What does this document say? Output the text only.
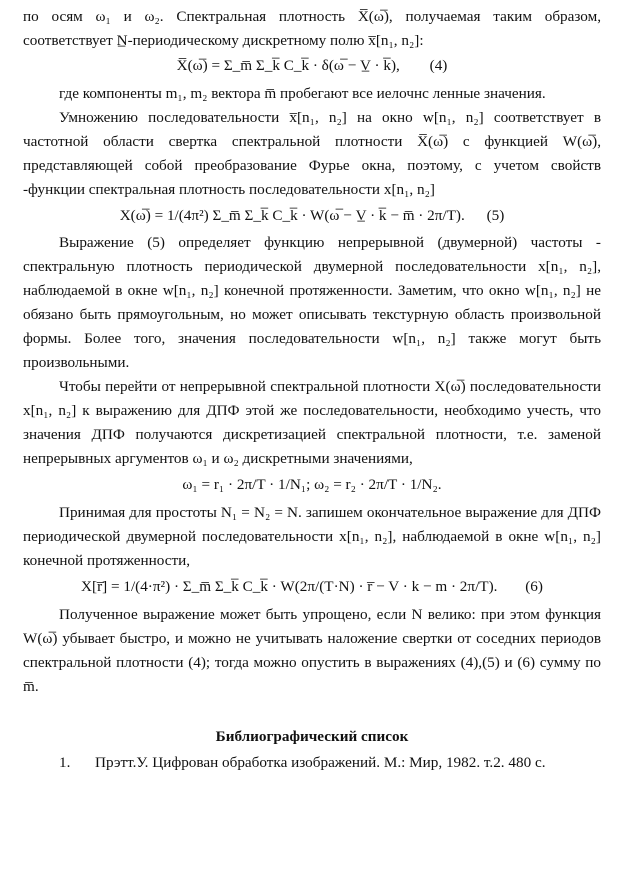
по осям ω₁ и ω₂. Спектральная плотность X̅(ω̅), получаемая таким образом, соответствует N̲-периодическому дискретному полю x̅[n₁, n₂]:

X̅(ω̅) = Σ_m̅ Σ_k̅ C_k̅ · δ(ω̅ − V̲ · k̅), (4)

где компоненты m₁, m₂ вектора m̅ пробегают все иелочнс ленные значения.

Умножению последовательности x̅[n₁, n₂] на окно w[n₁, n₂] соответствует в частотной области свертка спектральной плотности X̅(ω̅) с функцией W(ω̅), представляющей собой преобразование Фурье окна, поэтому, с учетом свойств -функции спектральная плотность последовательности x[n₁, n₂]

X(ω̅) = 1/(4π²) Σ_m̅ Σ_k̅ C_k̅ · W(ω̅ − V̲ · k̅ − m̅ · 2π/T). (5)

Выражение (5) определяет функцию непрерывной (двумерной) частоты - спектральную плотность периодической двумерной последовательности x[n₁, n₂], наблюдаемой в окне w[n₁, n₂] конечной протяженности. Заметим, что окно w[n₁, n₂] не обязано быть прямоугольным, но может описывать текстурную область произвольной формы. Более того, значения последовательности w[n₁, n₂] также могут быть произвольными.

Чтобы перейти от непрерывной спектральной плотности X(ω̅) последовательности x[n₁, n₂] к выражению для ДПФ этой же последовательности, необходимо учесть, что значения ДПФ получаются дискретизацией спектральной плотности, т.е. заменой непрерывных аргументов ω₁ и ω₂ дискретными значениями,

ω₁ = r₁ · 2π/T · 1/N₁; ω₂ = r₂ · 2π/T · 1/N₂.

Принимая для простоты N₁ = N₂ = N. запишем окончательное выражение для ДПФ периодической двумерной последовательности x[n₁, n₂], наблюдаемой в окне w[n₁, n₂] конечной протяженности,

X[r̅] = 1/(4·π²) · Σ_m̅ Σ_k̅ C_k̅ · W(2π/(T·N) · r̅ − V · k − m · 2π/T). (6)

Полученное выражение может быть упрощено, если N велико: при этом функция W(ω̅) убывает быстро, и можно не учитывать наложение свертки от соседних периодов спектральной плотности (4); тогда можно опустить в выражениях (4),(5) и (6) сумму по m̅.

Библиографический список

1. Прэтт.У. Цифрован обработка изображений. М.: Мир, 1982. т.2. 480 с.
